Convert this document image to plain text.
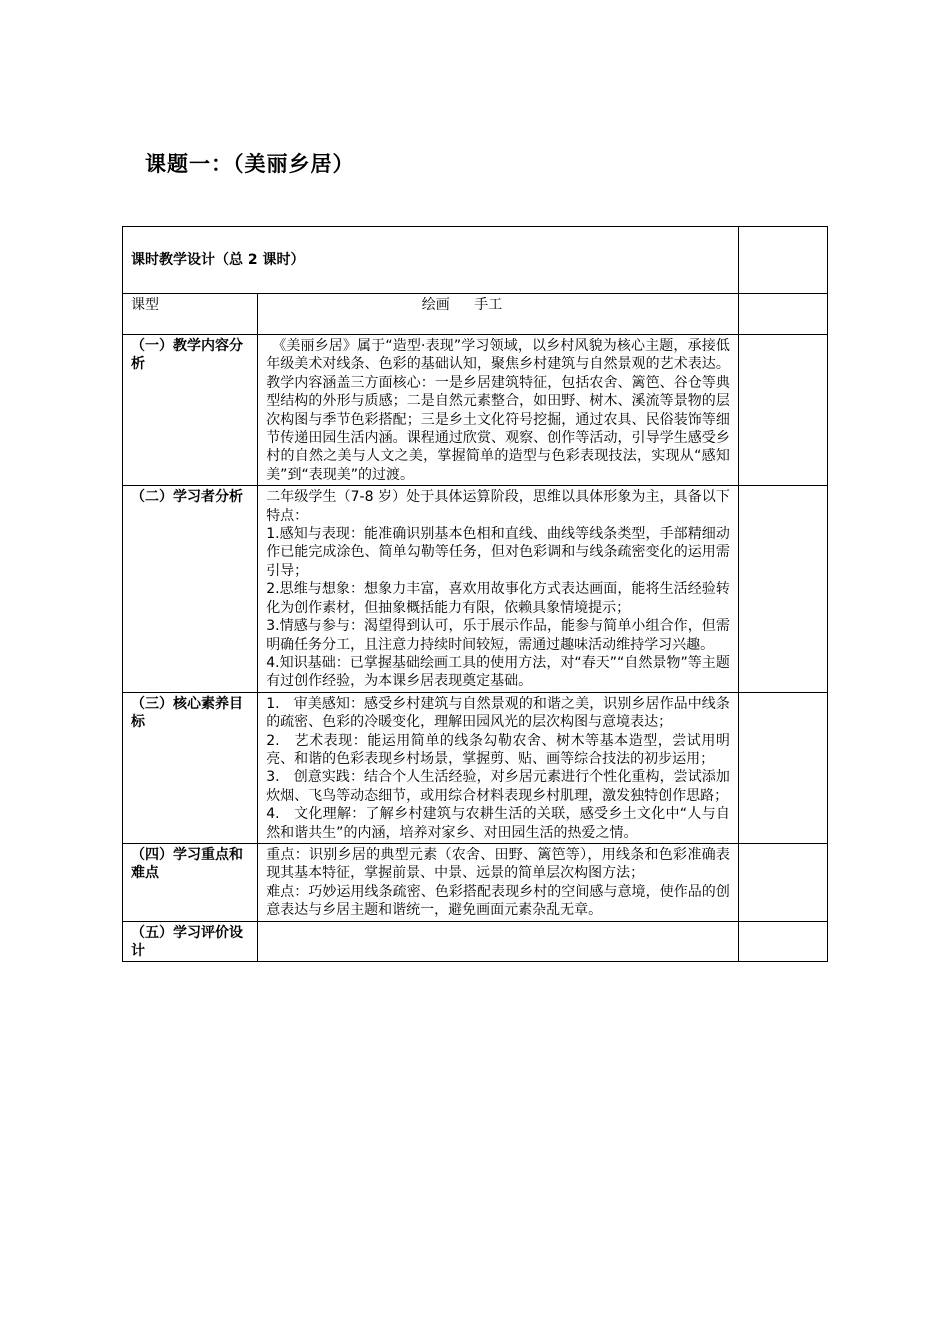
课题一：（美丽乡居）
课时教学设计（总 2 课时）		

课型	绘画 手工	
（一）教学内容分析	《美丽乡居》属于“造型·表现”学习领域，以乡村风貌为核心主题，承接低年级美术对线条、色彩的基础认知，聚焦乡村建筑与自然景观的艺术表达。教学内容涵盖三方面核心：一是乡居建筑特征，包括农舍、篱笆、谷仓等典型结构的外形与质感；二是自然元素整合，如田野、树木、溪流等景物的层次构图与季节色彩搭配；三是乡土文化符号挖掘，通过农具、民俗装饰等细节传递田园生活内涵。课程通过欣赏、观察、创作等活动，引导学生感受乡村的自然之美与人文之美，掌握简单的造型与色彩表现技法，实现从“感知美”到“表现美”的过渡。	

（二）学习者分析	二年级学生（7-8 岁）处于具体运算阶段，思维以具体形象为主，具备以下特点：
1.感知与表现：能准确识别基本色相和直线、曲线等线条类型，手部精细动作已能完成涂色、简单勾勒等任务，但对色彩调和与线条疏密变化的运用需引导；
2.思维与想象：想象力丰富，喜欢用故事化方式表达画面，能将生活经验转化为创作素材，但抽象概括能力有限，依赖具象情境提示；
3.情感与参与：渴望得到认可，乐于展示作品，能参与简单小组合作，但需明确任务分工，且注意力持续时间较短，需通过趣味活动维持学习兴趣。
4.知识基础：已掌握基础绘画工具的使用方法，对“春天”“自然景物”等主题有过创作经验，为本课乡居表现奠定基础。	

（三）核心素养目标	1.　审美感知：感受乡村建筑与自然景观的和谐之美，识别乡居作品中线条的疏密、色彩的冷暖变化，理解田园风光的层次构图与意境表达；
2.　艺术表现：能运用简单的线条勾勒农舍、树木等基本造型，尝试用明亮、和谐的色彩表现乡村场景，掌握剪、贴、画等综合技法的初步运用；
3.　创意实践：结合个人生活经验，对乡居元素进行个性化重构，尝试添加炊烟、飞鸟等动态细节，或用综合材料表现乡村肌理，激发独特创作思路；
4.　文化理解：了解乡村建筑与农耕生活的关联，感受乡土文化中“人与自然和谐共生”的内涵，培养对家乡、对田园生活的热爱之情。	

（四）学习重点和难点	重点：识别乡居的典型元素（农舍、田野、篱笆等），用线条和色彩准确表现其基本特征，掌握前景、中景、远景的简单层次构图方法；
难点：巧妙运用线条疏密、色彩搭配表现乡村的空间感与意境，使作品的创意表达与乡居主题和谐统一，避免画面元素杂乱无章。	

（五）学习评价设计		
